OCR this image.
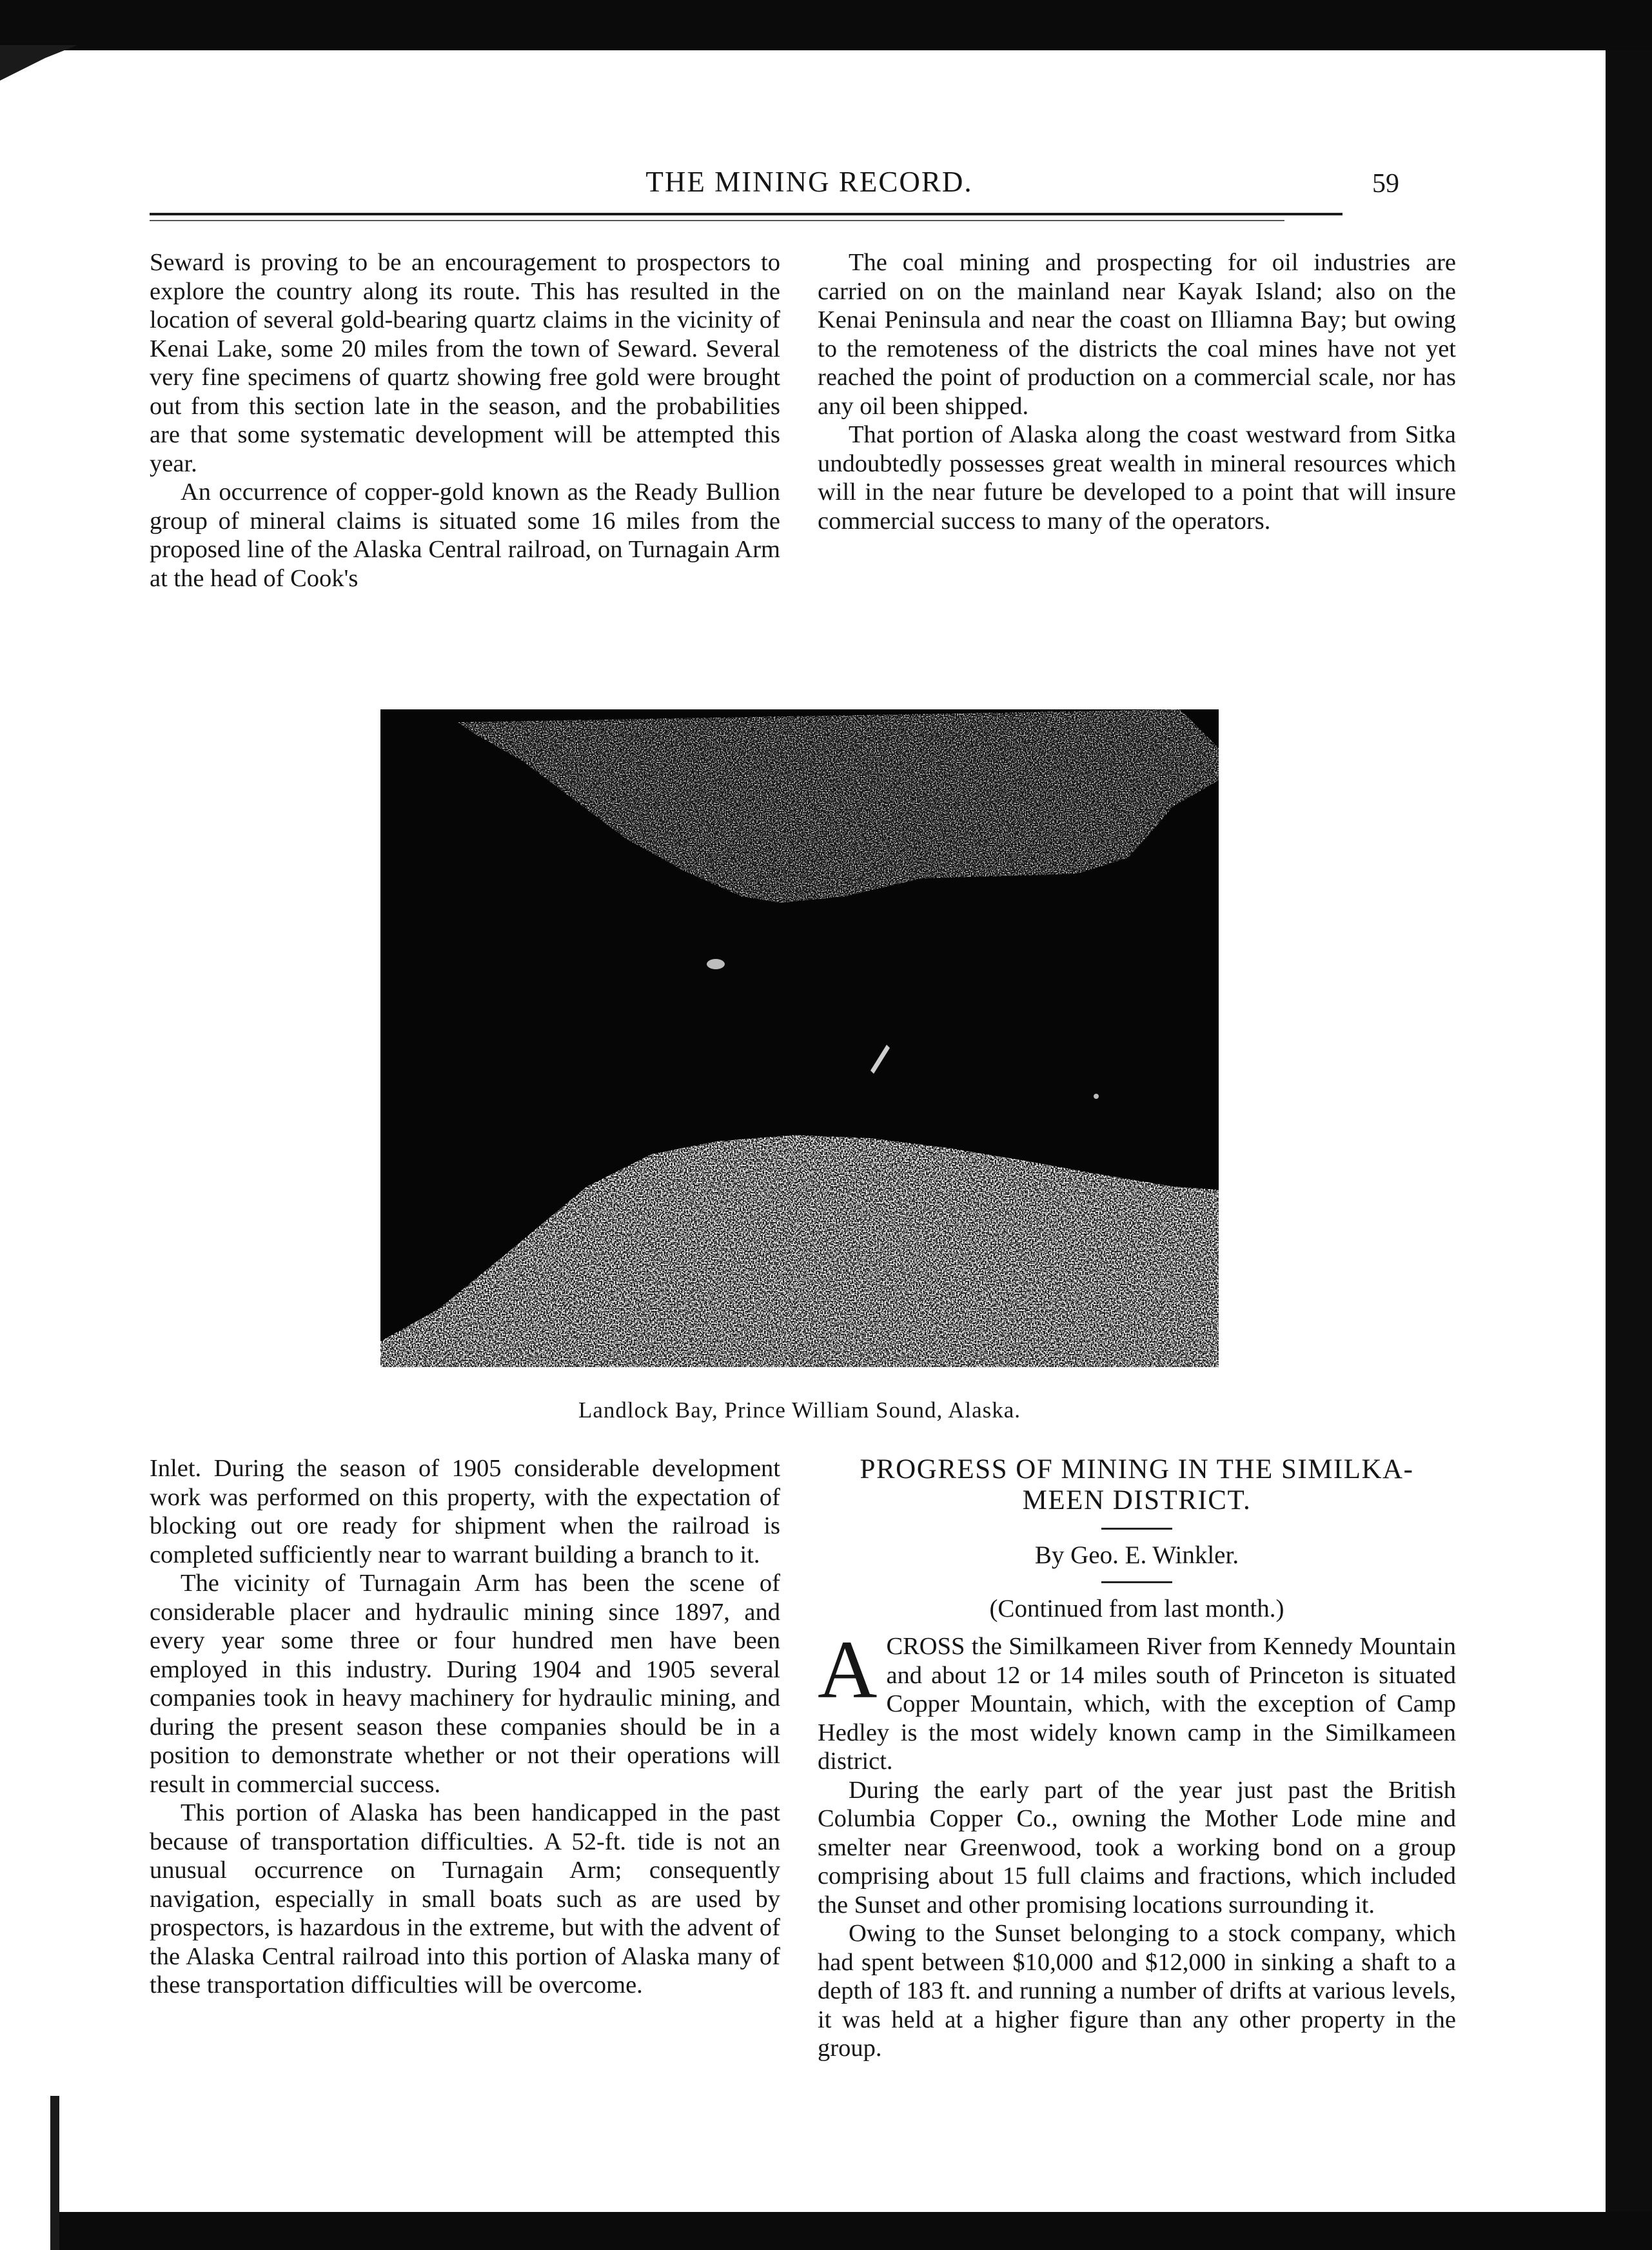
THE MINING RECORD.	59

Seward is proving to be an encouragement to prospectors to explore the country along its route. This has resulted in the location of several gold-bearing quartz claims in the vicinity of Kenai Lake, some 20 miles from the town of Seward. Several very fine specimens of quartz showing free gold were brought out from this section late in the season, and the probabilities are that some systematic development will be attempted this year.

An occurrence of copper-gold known as the Ready Bullion group of mineral claims is situated some 16 miles from the proposed line of the Alaska Central railroad, on Turnagain Arm at the head of Cook's

The coal mining and prospecting for oil industries are carried on on the mainland near Kayak Island; also on the Kenai Peninsula and near the coast on Illiamna Bay; but owing to the remoteness of the districts the coal mines have not yet reached the point of production on a commercial scale, nor has any oil been shipped.

That portion of Alaska along the coast westward from Sitka undoubtedly possesses great wealth in mineral resources which will in the near future be developed to a point that will insure commercial success to many of the operators.

Landlock Bay, Prince William Sound, Alaska.

Inlet. During the season of 1905 considerable development work was performed on this property, with the expectation of blocking out ore ready for shipment when the railroad is completed sufficiently near to warrant building a branch to it.

The vicinity of Turnagain Arm has been the scene of considerable placer and hydraulic mining since 1897, and every year some three or four hundred men have been employed in this industry. During 1904 and 1905 several companies took in heavy machinery for hydraulic mining, and during the present season these companies should be in a position to demonstrate whether or not their operations will result in commercial success.

This portion of Alaska has been handicapped in the past because of transportation difficulties. A 52-ft. tide is not an unusual occurrence on Turnagain Arm; consequently navigation, especially in small boats such as are used by prospectors, is hazardous in the extreme, but with the advent of the Alaska Central railroad into this portion of Alaska many of these transportation difficulties will be overcome.

PROGRESS OF MINING IN THE SIMILKA-

MEEN DISTRICT.

By Geo. E. Winkler.

(Continued from last month.)

A CROSS the Similkameen River from Kennedy Mountain and about 12 or 14 miles south of Princeton is situated Copper Mountain, which, with the exception of Camp Hedley is the most widely known camp in the Similkameen district.

During the early part of the year just past the British Columbia Copper Co., owning the Mother Lode mine and smelter near Greenwood, took a working bond on a group comprising about 15 full claims and fractions, which included the Sunset and other promising locations surrounding it.

Owing to the Sunset belonging to a stock company, which had spent between $10,000 and $12,000 in sinking a shaft to a depth of 183 ft. and running a number of drifts at various levels, it was held at a higher figure than any other property in the group.
